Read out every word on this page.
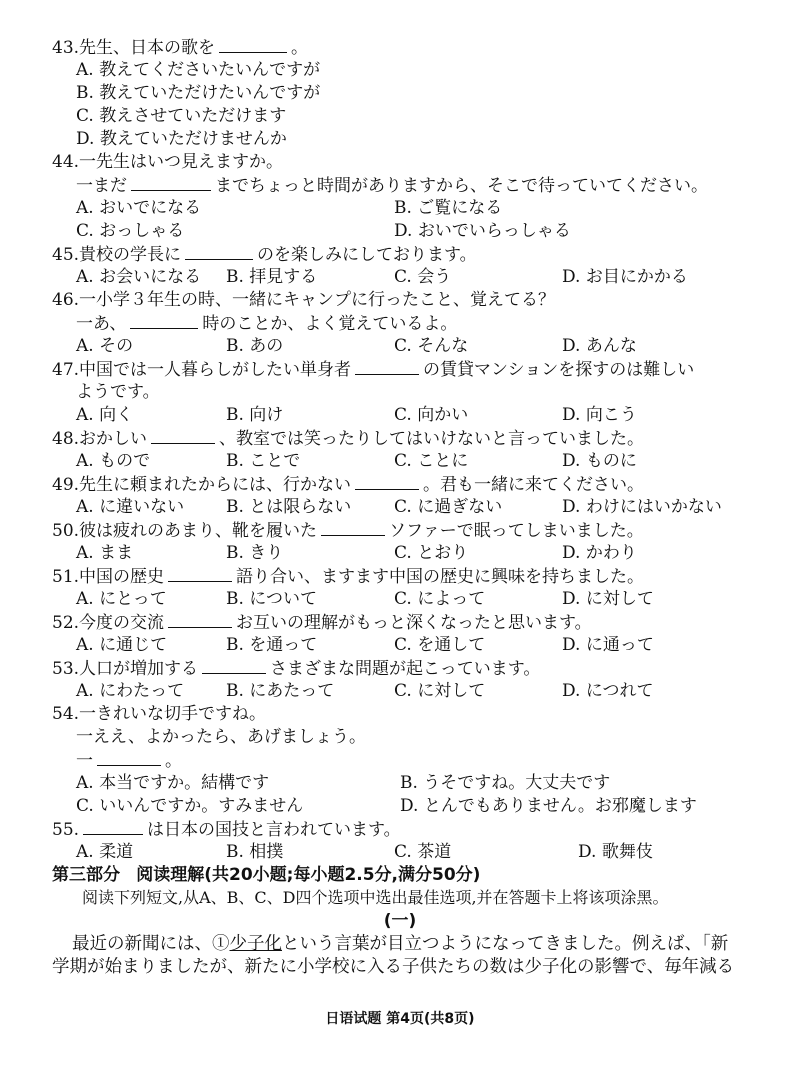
43.先生、日本の歌を	。
A. 教えてくださいたいんですが
B. 教えていただけたいんですが
C. 教えさせていただけます
D. 教えていただけませんか
44.一先生はいつ見えますか。
一まだ	までちょっと時間がありますから、そこで待っていてください。
A. おいでになる	B. ご覧になる
C. おっしゃる	D. おいでいらっしゃる
45.貴校の学長に	のを楽しみにしております。
A. お会いになる B. 拝見する	C. 会う	D. お目にかかる
46.一小学３年生の時、一緒にキャンプに行ったこと、覚えてる？
一あ、	時のことか、よく覚えているよ。
A. その	B. あの	C. そんな	D. あんな
47.中国では一人暮らしがしたい単身者	の賃貸マンションを探すのは難しい
ようです。
A. 向く	B. 向け	C. 向かい	D. 向こう
48.おかしい	、教室では笑ったりしてはいけないと言っていました。
A. もので	B. ことで	C. ことに	D. ものに
49.先生に頼まれたからには、行かない	。君も一緒に来てください。
A. に違いない B. とは限らない	C. に過ぎない	D. わけにはいかない
50.彼は疲れのあまり、靴を履いた	ソファーで眠ってしまいました。
A. まま	B. きり	C. とおり	D. かわり
51.中国の歴史	語り合い、ますます中国の歴史に興味を持ちました。
A. にとって	B. について	C. によって	D. に対して
52.今度の交流	お互いの理解がもっと深くなったと思います。
A. に通じて	B. を通って	C. を通して	D. に通って
53.人口が増加する	さまざまな問題が起こっています。
A. にわたって B. にあたって	C. に対して	D. につれて
54.一きれいな切手ですね。
一ええ、よかったら、あげましょう。
一	。
A. 本当ですか。結構です	B. うそですね。大丈夫です
C. いいんですか。すみません	D. とんでもありません。お邪魔します
55.	は日本の国技と言われています。
A. 柔道	B. 相撲	C. 茶道	D. 歌舞伎
第三部分 阅读理解(共20小题;每小题2.5分,满分50分)
阅读下列短文,从A、B、C、D四个选项中选出最佳选项,并在答题卡上将该项涂黑。
(一)
最近の新聞には、①少子化という言葉が目立つようになってきました。例えば、「新
学期が始まりましたが、新たに小学校に入る子供たちの数は少子化の影響で、毎年減る
日语试题 第4页(共8页)
